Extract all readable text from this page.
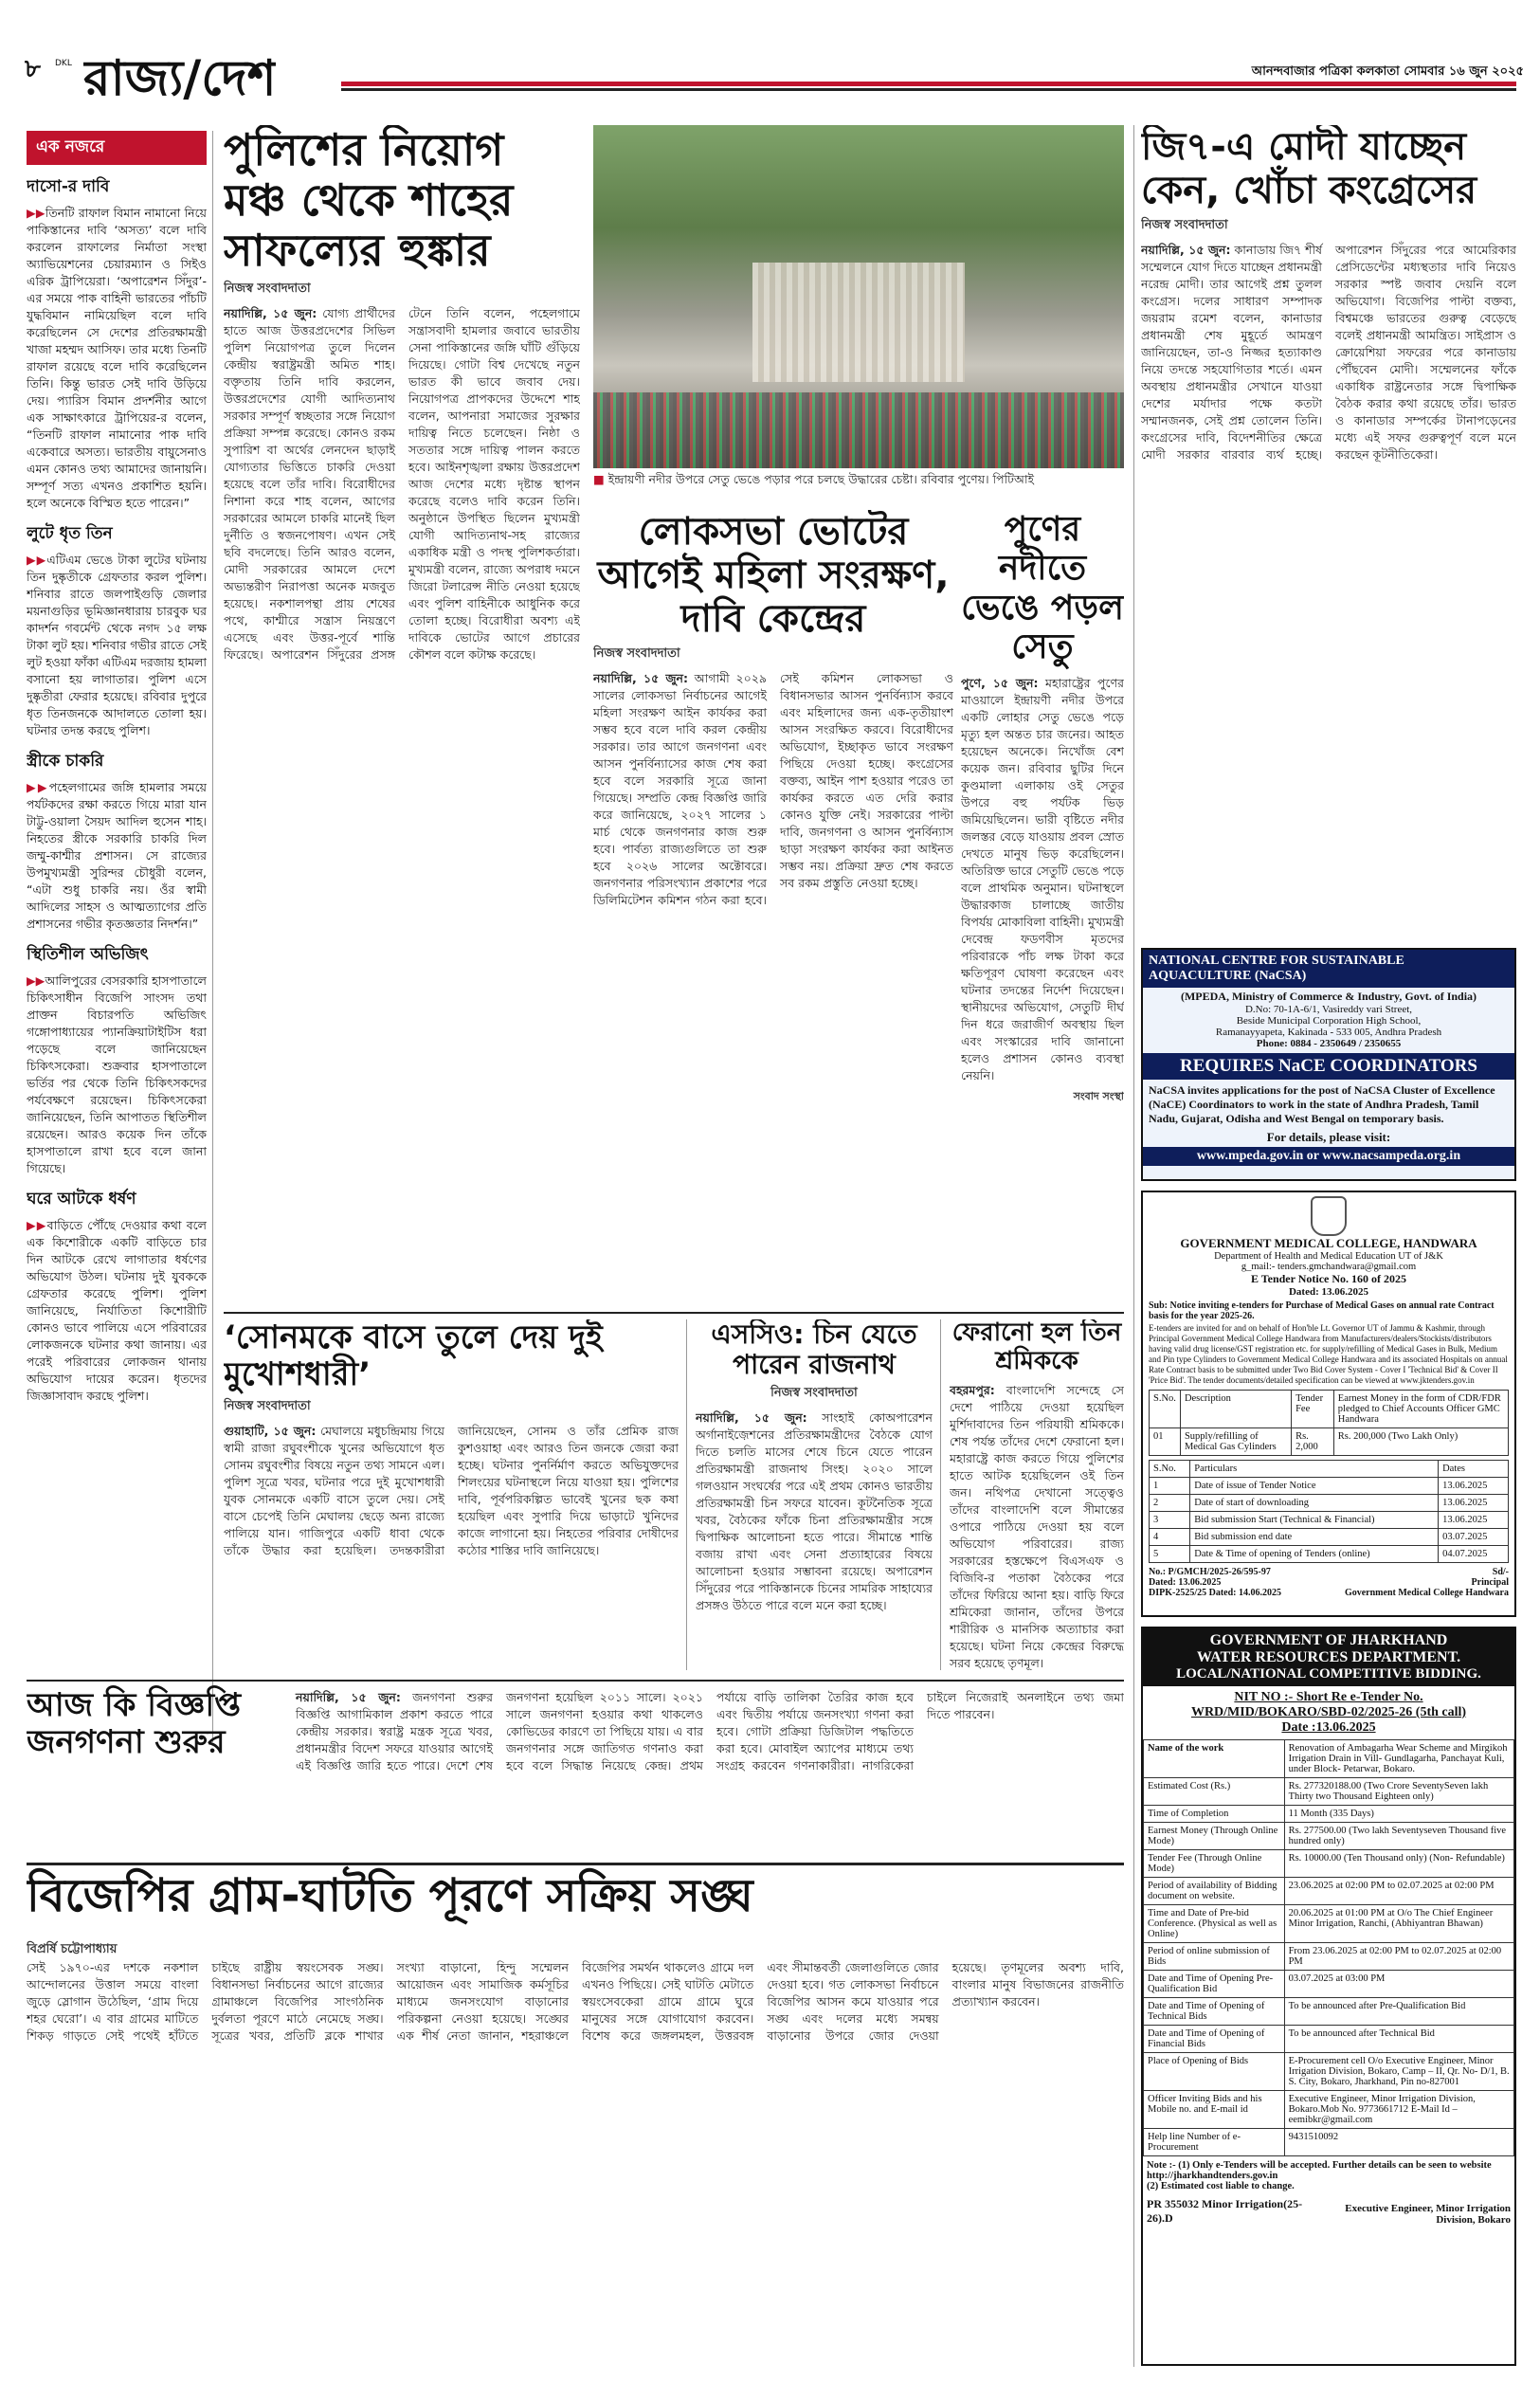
৮ DKL রাজ্য/দেশ	আনন্দবাজার পত্রিকা কলকাতা সোমবার ১৬ জুন ২০২৫
এক নজরে
দাসো-র দাবি
▶▶তিনটি রাফাল বিমান নামানো নিয়ে পাকিস্তানের দাবি ‘অসত্য’ বলে দাবি করলেন রাফালের নির্মাতা সংস্থা অ্যাভিয়েশনের চেয়ারম্যান ও সিইও এরিক ট্রাপিয়েরা। ‘অপারেশন সিঁদুর’-এর সময়ে পাক বাহিনী ভারতের পাঁচটি যুদ্ধবিমান নামিয়েছিল বলে দাবি করেছিলেন সে দেশের প্রতিরক্ষামন্ত্রী খাজা মহম্মদ আসিফ। তার মধ্যে তিনটি রাফাল রয়েছে বলে দাবি করেছিলেন তিনি। কিন্তু ভারত সেই দাবি উড়িয়ে দেয়। প্যারিস বিমান প্রদর্শনীর আগে এক সাক্ষাৎকারে ট্রাপিয়ের-র বলেন, “তিনটি রাফাল নামানোর পাক দাবি একেবারে অসত্য। ভারতীয় বায়ুসেনাও এমন কোনও তথ্য আমাদের জানায়নি। সম্পূর্ণ সত্য এখনও প্রকাশিত হয়নি। হলে অনেকে বিস্মিত হতে পারেন।”
লুটে ধৃত তিন
▶▶এটিএম ভেঙে টাকা লুটের ঘটনায় তিন দুষ্কৃতীকে গ্রেফতার করল পুলিশ। শনিবার রাতে জলপাইগুড়ি জেলার ময়নাগুড়ির ভূমিজ্ঞানধারায় চারবুক ঘর কাদর্শন গবর্মেন্ট থেকে নগদ ১৫ লক্ষ টাকা লুট হয়। শনিবার গভীর রাতে সেই লুট হওয়া ফাঁকা এটিএম দরজায় হামলা বসানো হয় লাগাতার। পুলিশ এসে দুষ্কৃতীরা ফেরার হয়েছে। রবিবার দুপুরে ধৃত তিনজনকে আদালতে তোলা হয়। ঘটনার তদন্ত করছে পুলিশ।
স্ত্রীকে চাকরি
▶▶পহেলগামের জঙ্গি হামলার সময়ে পর্যটকদের রক্ষা করতে গিয়ে মারা যান টাট্টু-ওয়ালা সৈয়দ আদিল হুসেন শাহ। নিহতের স্ত্রীকে সরকারি চাকরি দিল জম্মু-কাশ্মীর প্রশাসন। সে রাজ্যের উপমুখ্যমন্ত্রী সুরিন্দর চৌধুরী বলেন, “এটা শুধু চাকরি নয়। ওঁর স্বামী আদিলের সাহস ও আত্মত্যাগের প্রতি প্রশাসনের গভীর কৃতজ্ঞতার নিদর্শন।”
স্থিতিশীল অভিজিৎ
▶▶আলিপুরের বেসরকারি হাসপাতালে চিকিৎসাধীন বিজেপি সাংসদ তথা প্রাক্তন বিচারপতি অভিজিৎ গঙ্গোপাধ্যায়ের প্যানক্রিয়াটাইটিস ধরা পড়েছে বলে জানিয়েছেন চিকিৎসকেরা। শুক্রবার হাসপাতালে ভর্তির পর থেকে তিনি চিকিৎসকদের পর্যবেক্ষণে রয়েছেন। চিকিৎসকেরা জানিয়েছেন, তিনি আপাতত স্থিতিশীল রয়েছেন। আরও কয়েক দিন তাঁকে হাসপাতালে রাখা হবে বলে জানা গিয়েছে।
ঘরে আটকে ধর্ষণ
▶▶বাড়িতে পৌঁছে দেওয়ার কথা বলে এক কিশোরীকে একটি বাড়িতে চার দিন আটকে রেখে লাগাতার ধর্ষণের অভিযোগ উঠল। ঘটনায় দুই যুবককে গ্রেফতার করেছে পুলিশ। পুলিশ জানিয়েছে, নির্যাতিতা কিশোরীটি কোনও ভাবে পালিয়ে এসে পরিবারের লোকজনকে ঘটনার কথা জানায়। এর পরেই পরিবারের লোকজন থানায় অভিযোগ দায়ের করেন। ধৃতদের জিজ্ঞাসাবাদ করছে পুলিশ।
পুলিশের নিয়োগ মঞ্চ থেকে শাহের সাফল্যের হুঙ্কার
নিজস্ব সংবাদদাতা
নয়াদিল্লি, ১৫ জুন: যোগ্য প্রার্থীদের হাতে আজ উত্তরপ্রদেশের সিভিল পুলিশ নিয়োগপত্র তুলে দিলেন কেন্দ্রীয় স্বরাষ্ট্রমন্ত্রী অমিত শাহ। বক্তৃতায় তিনি দাবি করলেন, উত্তরপ্রদেশের যোগী আদিত্যনাথ সরকার সম্পূর্ণ স্বচ্ছতার সঙ্গে নিয়োগ প্রক্রিয়া সম্পন্ন করেছে। কোনও রকম সুপারিশ বা অর্থের লেনদেন ছাড়াই যোগ্যতার ভিত্তিতে চাকরি দেওয়া হয়েছে বলে তাঁর দাবি। বিরোধীদের নিশানা করে শাহ বলেন, আগের সরকারের আমলে চাকরি মানেই ছিল দুর্নীতি ও স্বজনপোষণ। এখন সেই ছবি বদলেছে। তিনি আরও বলেন, মোদী সরকারের আমলে দেশে অভ্যন্তরীণ নিরাপত্তা অনেক মজবুত হয়েছে। নকশালপন্থা প্রায় শেষের পথে, কাশ্মীরে সন্ত্রাস নিয়ন্ত্রণে এসেছে এবং উত্তর-পূর্বে শান্তি ফিরেছে। অপারেশন সিঁদুরের প্রসঙ্গ টেনে তিনি বলেন, পহেলগামে সন্ত্রাসবাদী হামলার জবাবে ভারতীয় সেনা পাকিস্তানের জঙ্গি ঘাঁটি গুঁড়িয়ে দিয়েছে। গোটা বিশ্ব দেখেছে নতুন ভারত কী ভাবে জবাব দেয়। নিয়োগপত্র প্রাপকদের উদ্দেশে শাহ বলেন, আপনারা সমাজের সুরক্ষার দায়িত্ব নিতে চলেছেন। নিষ্ঠা ও সততার সঙ্গে দায়িত্ব পালন করতে হবে। আইনশৃঙ্খলা রক্ষায় উত্তরপ্রদেশ আজ দেশের মধ্যে দৃষ্টান্ত স্থাপন করেছে বলেও দাবি করেন তিনি। অনুষ্ঠানে উপস্থিত ছিলেন মুখ্যমন্ত্রী যোগী আদিত্যনাথ-সহ রাজ্যের একাধিক মন্ত্রী ও পদস্থ পুলিশকর্তারা। মুখ্যমন্ত্রী বলেন, রাজ্যে অপরাধ দমনে জিরো টলারেন্স নীতি নেওয়া হয়েছে এবং পুলিশ বাহিনীকে আধুনিক করে তোলা হচ্ছে। বিরোধীরা অবশ্য এই দাবিকে ভোটের আগে প্রচারের কৌশল বলে কটাক্ষ করেছে।
■ ইন্দ্রায়ণী নদীর উপরে সেতু ভেঙে পড়ার পরে চলছে উদ্ধারের চেষ্টা। রবিবার পুণেয়। পিটিআই
লোকসভা ভোটের আগেই মহিলা সংরক্ষণ, দাবি কেন্দ্রের
নিজস্ব সংবাদদাতা
নয়াদিল্লি, ১৫ জুন: আগামী ২০২৯ সালের লোকসভা নির্বাচনের আগেই মহিলা সংরক্ষণ আইন কার্যকর করা সম্ভব হবে বলে দাবি করল কেন্দ্রীয় সরকার। তার আগে জনগণনা এবং আসন পুনর্বিন্যাসের কাজ শেষ করা হবে বলে সরকারি সূত্রে জানা গিয়েছে। সম্প্রতি কেন্দ্র বিজ্ঞপ্তি জারি করে জানিয়েছে, ২০২৭ সালের ১ মার্চ থেকে জনগণনার কাজ শুরু হবে। পার্বত্য রাজ্যগুলিতে তা শুরু হবে ২০২৬ সালের অক্টোবরে। জনগণনার পরিসংখ্যান প্রকাশের পরে ডিলিমিটেশন কমিশন গঠন করা হবে। সেই কমিশন লোকসভা ও বিধানসভার আসন পুনর্বিন্যাস করবে এবং মহিলাদের জন্য এক-তৃতীয়াংশ আসন সংরক্ষিত করবে। বিরোধীদের অভিযোগ, ইচ্ছাকৃত ভাবে সংরক্ষণ পিছিয়ে দেওয়া হচ্ছে। কংগ্রেসের বক্তব্য, আইন পাশ হওয়ার পরেও তা কার্যকর করতে এত দেরি করার কোনও যুক্তি নেই। সরকারের পাল্টা দাবি, জনগণনা ও আসন পুনর্বিন্যাস ছাড়া সংরক্ষণ কার্যকর করা আইনত সম্ভব নয়। প্রক্রিয়া দ্রুত শেষ করতে সব রকম প্রস্তুতি নেওয়া হচ্ছে।
পুণের নদীতে ভেঙে পড়ল সেতু
পুণে, ১৫ জুন: মহারাষ্ট্রের পুণের মাওয়ালে ইন্দ্রায়ণী নদীর উপরে একটি লোহার সেতু ভেঙে পড়ে মৃত্যু হল অন্তত চার জনের। আহত হয়েছেন অনেকে। নিখোঁজ বেশ কয়েক জন। রবিবার ছুটির দিনে কুণ্ডমালা এলাকায় ওই সেতুর উপরে বহু পর্যটক ভিড় জমিয়েছিলেন। ভারী বৃষ্টিতে নদীর জলস্তর বেড়ে যাওয়ায় প্রবল স্রোত দেখতে মানুষ ভিড় করেছিলেন। অতিরিক্ত ভারে সেতুটি ভেঙে পড়ে বলে প্রাথমিক অনুমান। ঘটনাস্থলে উদ্ধারকাজ চালাচ্ছে জাতীয় বিপর্যয় মোকাবিলা বাহিনী। মুখ্যমন্ত্রী দেবেন্দ্র ফডণবীস মৃতদের পরিবারকে পাঁচ লক্ষ টাকা করে ক্ষতিপূরণ ঘোষণা করেছেন এবং ঘটনার তদন্তের নির্দেশ দিয়েছেন। স্থানীয়দের অভিযোগ, সেতুটি দীর্ঘ দিন ধরে জরাজীর্ণ অবস্থায় ছিল এবং সংস্কারের দাবি জানানো হলেও প্রশাসন কোনও ব্যবস্থা নেয়নি।
সংবাদ সংস্থা
জি৭-এ মোদী যাচ্ছেন কেন, খোঁচা কংগ্রেসের
নিজস্ব সংবাদদাতা
নয়াদিল্লি, ১৫ জুন: কানাডায় জি৭ শীর্ষ সম্মেলনে যোগ দিতে যাচ্ছেন প্রধানমন্ত্রী নরেন্দ্র মোদী। তার আগেই প্রশ্ন তুলল কংগ্রেস। দলের সাধারণ সম্পাদক জয়রাম রমেশ বলেন, কানাডার প্রধানমন্ত্রী শেষ মুহূর্তে আমন্ত্রণ জানিয়েছেন, তা-ও নিজ্জর হত্যাকাণ্ড নিয়ে তদন্তে সহযোগিতার শর্তে। এমন অবস্থায় প্রধানমন্ত্রীর সেখানে যাওয়া দেশের মর্যাদার পক্ষে কতটা সম্মানজনক, সেই প্রশ্ন তোলেন তিনি। কংগ্রেসের দাবি, বিদেশনীতির ক্ষেত্রে মোদী সরকার বারবার ব্যর্থ হচ্ছে। অপারেশন সিঁদুরের পরে আমেরিকার প্রেসিডেন্টের মধ্যস্থতার দাবি নিয়েও সরকার স্পষ্ট জবাব দেয়নি বলে অভিযোগ। বিজেপির পাল্টা বক্তব্য, বিশ্বমঞ্চে ভারতের গুরুত্ব বেড়েছে বলেই প্রধানমন্ত্রী আমন্ত্রিত। সাইপ্রাস ও ক্রোয়েশিয়া সফরের পরে কানাডায় পৌঁছবেন মোদী। সম্মেলনের ফাঁকে একাধিক রাষ্ট্রনেতার সঙ্গে দ্বিপাক্ষিক বৈঠক করার কথা রয়েছে তাঁর। ভারত ও কানাডার সম্পর্কের টানাপড়েনের মধ্যে এই সফর গুরুত্বপূর্ণ বলে মনে করছেন কূটনীতিকেরা।
NATIONAL CENTRE FOR SUSTAINABLE AQUACULTURE (NaCSA)
(MPEDA, Ministry of Commerce & Industry, Govt. of India)
D.No: 70-1A-6/1, Vasireddy vari Street,
Beside Municipal Corporation High School,
Ramanayyapeta, Kakinada - 533 005, Andhra Pradesh
Phone: 0884 - 2350649 / 2350655
REQUIRES NaCE COORDINATORS
NaCSA invites applications for the post of NaCSA Cluster of Excellence (NaCE) Coordinators to work in the state of Andhra Pradesh, Tamil Nadu, Gujarat, Odisha and West Bengal on temporary basis.
For details, please visit:
www.mpeda.gov.in or www.nacsampeda.org.in
GOVERNMENT MEDICAL COLLEGE, HANDWARA
Department of Health and Medical Education UT of J&K
g_mail:- tenders.gmchandwara@gmail.com
E Tender Notice No. 160 of 2025
Dated: 13.06.2025
Sub: Notice inviting e-tenders for Purchase of Medical Gases on annual rate Contract basis for the year 2025-26.
E-tenders are invited for and on behalf of Hon'ble Lt. Governor UT of Jammu & Kashmir, through Principal Government Medical College Handwara from Manufacturers/dealers/Stockists/distributors having valid drug license/GST registration etc. for supply/refilling of Medical Gases in Bulk, Medium and Pin type Cylinders to Government Medical College Handwara and its associated Hospitals on annual Rate Contract basis to be submitted under Two Bid Cover System - Cover I 'Technical Bid' & Cover II 'Price Bid'. The tender documents/detailed specification can be viewed at www.jktenders.gov.in
S.No.	Description	Tender Fee	Earnest Money in the form of CDR/FDR pledged to Chief Accounts Officer GMC Handwara
01	Supply/refilling of Medical Gas Cylinders	Rs. 2,000	Rs. 200,000 (Two Lakh Only)
S.No.	Particulars	Dates
1	Date of issue of Tender Notice	13.06.2025
2	Date of start of downloading	13.06.2025
3	Bid submission Start (Technical & Financial)	13.06.2025
4	Bid submission end date	03.07.2025
5	Date & Time of opening of Tenders (online)	04.07.2025
No.: P/GMCH/2025-26/595-97
Dated: 13.06.2025
DIPK-2525/25 Dated: 14.06.2025
Sd/-
Principal
Government Medical College Handwara
‘সোনমকে বাসে তুলে দেয় দুই মুখোশধারী’
নিজস্ব সংবাদদাতা
গুয়াহাটি, ১৫ জুন: মেঘালয়ে মধুচন্দ্রিমায় গিয়ে স্বামী রাজা রঘুবংশীকে খুনের অভিযোগে ধৃত সোনম রঘুবংশীর বিষয়ে নতুন তথ্য সামনে এল। পুলিশ সূত্রে খবর, ঘটনার পরে দুই মুখোশধারী যুবক সোনমকে একটি বাসে তুলে দেয়। সেই বাসে চেপেই তিনি মেঘালয় ছেড়ে অন্য রাজ্যে পালিয়ে যান। গাজিপুরে একটি ধাবা থেকে তাঁকে উদ্ধার করা হয়েছিল। তদন্তকারীরা জানিয়েছেন, সোনম ও তাঁর প্রেমিক রাজ কুশওয়াহা এবং আরও তিন জনকে জেরা করা হচ্ছে। ঘটনার পুনর্নির্মাণ করতে অভিযুক্তদের শিলংয়ের ঘটনাস্থলে নিয়ে যাওয়া হয়। পুলিশের দাবি, পূর্বপরিকল্পিত ভাবেই খুনের ছক কষা হয়েছিল এবং সুপারি দিয়ে ভাড়াটে খুনিদের কাজে লাগানো হয়। নিহতের পরিবার দোষীদের কঠোর শাস্তির দাবি জানিয়েছে।
এসসিও: চিন যেতে পারেন রাজনাথ
নিজস্ব সংবাদদাতা
নয়াদিল্লি, ১৫ জুন: সাংহাই কোঅপারেশন অর্গানাইজ়েশনের প্রতিরক্ষামন্ত্রীদের বৈঠকে যোগ দিতে চলতি মাসের শেষে চিনে যেতে পারেন প্রতিরক্ষামন্ত্রী রাজনাথ সিংহ। ২০২০ সালে গলওয়ান সংঘর্ষের পরে এই প্রথম কোনও ভারতীয় প্রতিরক্ষামন্ত্রী চিন সফরে যাবেন। কূটনৈতিক সূত্রে খবর, বৈঠকের ফাঁকে চিনা প্রতিরক্ষামন্ত্রীর সঙ্গে দ্বিপাক্ষিক আলোচনা হতে পারে। সীমান্তে শান্তি বজায় রাখা এবং সেনা প্রত্যাহারের বিষয়ে আলোচনা হওয়ার সম্ভাবনা রয়েছে। অপারেশন সিঁদুরের পরে পাকিস্তানকে চিনের সামরিক সাহায্যের প্রসঙ্গও উঠতে পারে বলে মনে করা হচ্ছে।
ফেরানো হল তিন শ্রমিককে
বহরমপুর: বাংলাদেশি সন্দেহে সে দেশে পাঠিয়ে দেওয়া হয়েছিল মুর্শিদাবাদের তিন পরিযায়ী শ্রমিককে। শেষ পর্যন্ত তাঁদের দেশে ফেরানো হল। মহারাষ্ট্রে কাজ করতে গিয়ে পুলিশের হাতে আটক হয়েছিলেন ওই তিন জন। নথিপত্র দেখানো সত্ত্বেও তাঁদের বাংলাদেশি বলে সীমান্তের ওপারে পাঠিয়ে দেওয়া হয় বলে অভিযোগ পরিবারের। রাজ্য সরকারের হস্তক্ষেপে বিএসএফ ও বিজিবি-র পতাকা বৈঠকের পরে তাঁদের ফিরিয়ে আনা হয়। বাড়ি ফিরে শ্রমিকেরা জানান, তাঁদের উপরে শারীরিক ও মানসিক অত্যাচার করা হয়েছে। ঘটনা নিয়ে কেন্দ্রের বিরুদ্ধে সরব হয়েছে তৃণমূল।
আজ কি বিজ্ঞপ্তি জনগণনা শুরুর
নয়াদিল্লি, ১৫ জুন: জনগণনা শুরুর বিজ্ঞপ্তি আগামিকাল প্রকাশ করতে পারে কেন্দ্রীয় সরকার। স্বরাষ্ট্র মন্ত্রক সূত্রে খবর, প্রধানমন্ত্রীর বিদেশ সফরে যাওয়ার আগেই এই বিজ্ঞপ্তি জারি হতে পারে। দেশে শেষ জনগণনা হয়েছিল ২০১১ সালে। ২০২১ সালে জনগণনা হওয়ার কথা থাকলেও কোভিডের কারণে তা পিছিয়ে যায়। এ বার জনগণনার সঙ্গে জাতিগত গণনাও করা হবে বলে সিদ্ধান্ত নিয়েছে কেন্দ্র। প্রথম পর্যায়ে বাড়ি তালিকা তৈরির কাজ হবে এবং দ্বিতীয় পর্যায়ে জনসংখ্যা গণনা করা হবে। গোটা প্রক্রিয়া ডিজিটাল পদ্ধতিতে করা হবে। মোবাইল অ্যাপের মাধ্যমে তথ্য সংগ্রহ করবেন গণনাকারীরা। নাগরিকেরা চাইলে নিজেরাই অনলাইনে তথ্য জমা দিতে পারবেন।
বিজেপির গ্রাম-ঘাটতি পূরণে সক্রিয় সঙ্ঘ
বিপ্রর্ষি চট্টোপাধ্যায়
সেই ১৯৭০-এর দশকে নকশাল আন্দোলনের উত্তাল সময়ে বাংলা জুড়ে স্লোগান উঠেছিল, ‘গ্রাম দিয়ে শহর ঘেরো’। এ বার গ্রামের মাটিতে শিকড় গাড়তে সেই পথেই হাঁটতে চাইছে রাষ্ট্রীয় স্বয়ংসেবক সঙ্ঘ। বিধানসভা নির্বাচনের আগে রাজ্যের গ্রামাঞ্চলে বিজেপির সাংগঠনিক দুর্বলতা পূরণে মাঠে নেমেছে সঙ্ঘ। সূত্রের খবর, প্রতিটি ব্লকে শাখার সংখ্যা বাড়ানো, হিন্দু সম্মেলন আয়োজন এবং সামাজিক কর্মসূচির মাধ্যমে জনসংযোগ বাড়ানোর পরিকল্পনা নেওয়া হয়েছে। সঙ্ঘের এক শীর্ষ নেতা জানান, শহরাঞ্চলে বিজেপির সমর্থন থাকলেও গ্রামে দল এখনও পিছিয়ে। সেই ঘাটতি মেটাতে স্বয়ংসেবকেরা গ্রামে গ্রামে ঘুরে মানুষের সঙ্গে যোগাযোগ করবেন। বিশেষ করে জঙ্গলমহল, উত্তরবঙ্গ এবং সীমান্তবর্তী জেলাগুলিতে জোর দেওয়া হবে। গত লোকসভা নির্বাচনে বিজেপির আসন কমে যাওয়ার পরে সঙ্ঘ এবং দলের মধ্যে সমন্বয় বাড়ানোর উপরে জোর দেওয়া হয়েছে। তৃণমূলের অবশ্য দাবি, বাংলার মানুষ বিভাজনের রাজনীতি প্রত্যাখ্যান করবেন।
GOVERNMENT OF JHARKHAND
WATER RESOURCES DEPARTMENT.
LOCAL/NATIONAL COMPETITIVE BIDDING.
NIT NO :- Short Re e-Tender No.
WRD/MID/BOKARO/SBD-02/2025-26 (5th call)
Date :13.06.2025
Name of the work	Renovation of Ambagarha Wear Scheme and Mirgikoh Irrigation Drain in Vill- Gundlagarha, Panchayat Kuli, under Block- Petarwar, Bokaro.
Estimated Cost (Rs.)	Rs. 277320188.00 (Two Crore SeventySeven lakh Thirty two Thousand Eighteen only)
Time of Completion	11 Month (335 Days)
Earnest Money (Through Online Mode)	Rs. 277500.00 (Two lakh Seventyseven Thousand five hundred only)
Tender Fee (Through Online Mode)	Rs. 10000.00 (Ten Thousand only) (Non- Refundable)
Period of availability of Bidding document on website.	23.06.2025 at 02:00 PM to 02.07.2025 at 02:00 PM
Time and Date of Pre-bid Conference. (Physical as well as Online)	20.06.2025 at 01:00 PM at O/o The Chief Engineer Minor Irrigation, Ranchi, (Abhiyantran Bhawan)
Period of online submission of Bids	From 23.06.2025 at 02:00 PM to 02.07.2025 at 02:00 PM
Date and Time of Opening Pre-Qualification Bid	03.07.2025 at 03:00 PM
Date and Time of Opening of Technical Bids	To be announced after Pre-Qualification Bid
Date and Time of Opening of Financial Bids	To be announced after Technical Bid
Place of Opening of Bids	E-Procurement cell O/o Executive Engineer, Minor Irrigation Division, Bokaro, Camp – II, Qr. No- D/1, B. S. City, Bokaro, Jharkhand, Pin no-827001
Officer Inviting Bids and his Mobile no. and E-mail id	Executive Engineer, Minor Irrigation Division, Bokaro.Mob No. 9773661712 E-Mail Id – eemibkr@gmail.com
Help line Number of e-Procurement	9431510092
Note :- (1) Only e-Tenders will be accepted. Further details can be seen to website http://jharkhandtenders.gov.in
(2) Estimated cost liable to change.
PR 355032 Minor Irrigation(25-26).D
Executive Engineer, Minor Irrigation Division, Bokaro
